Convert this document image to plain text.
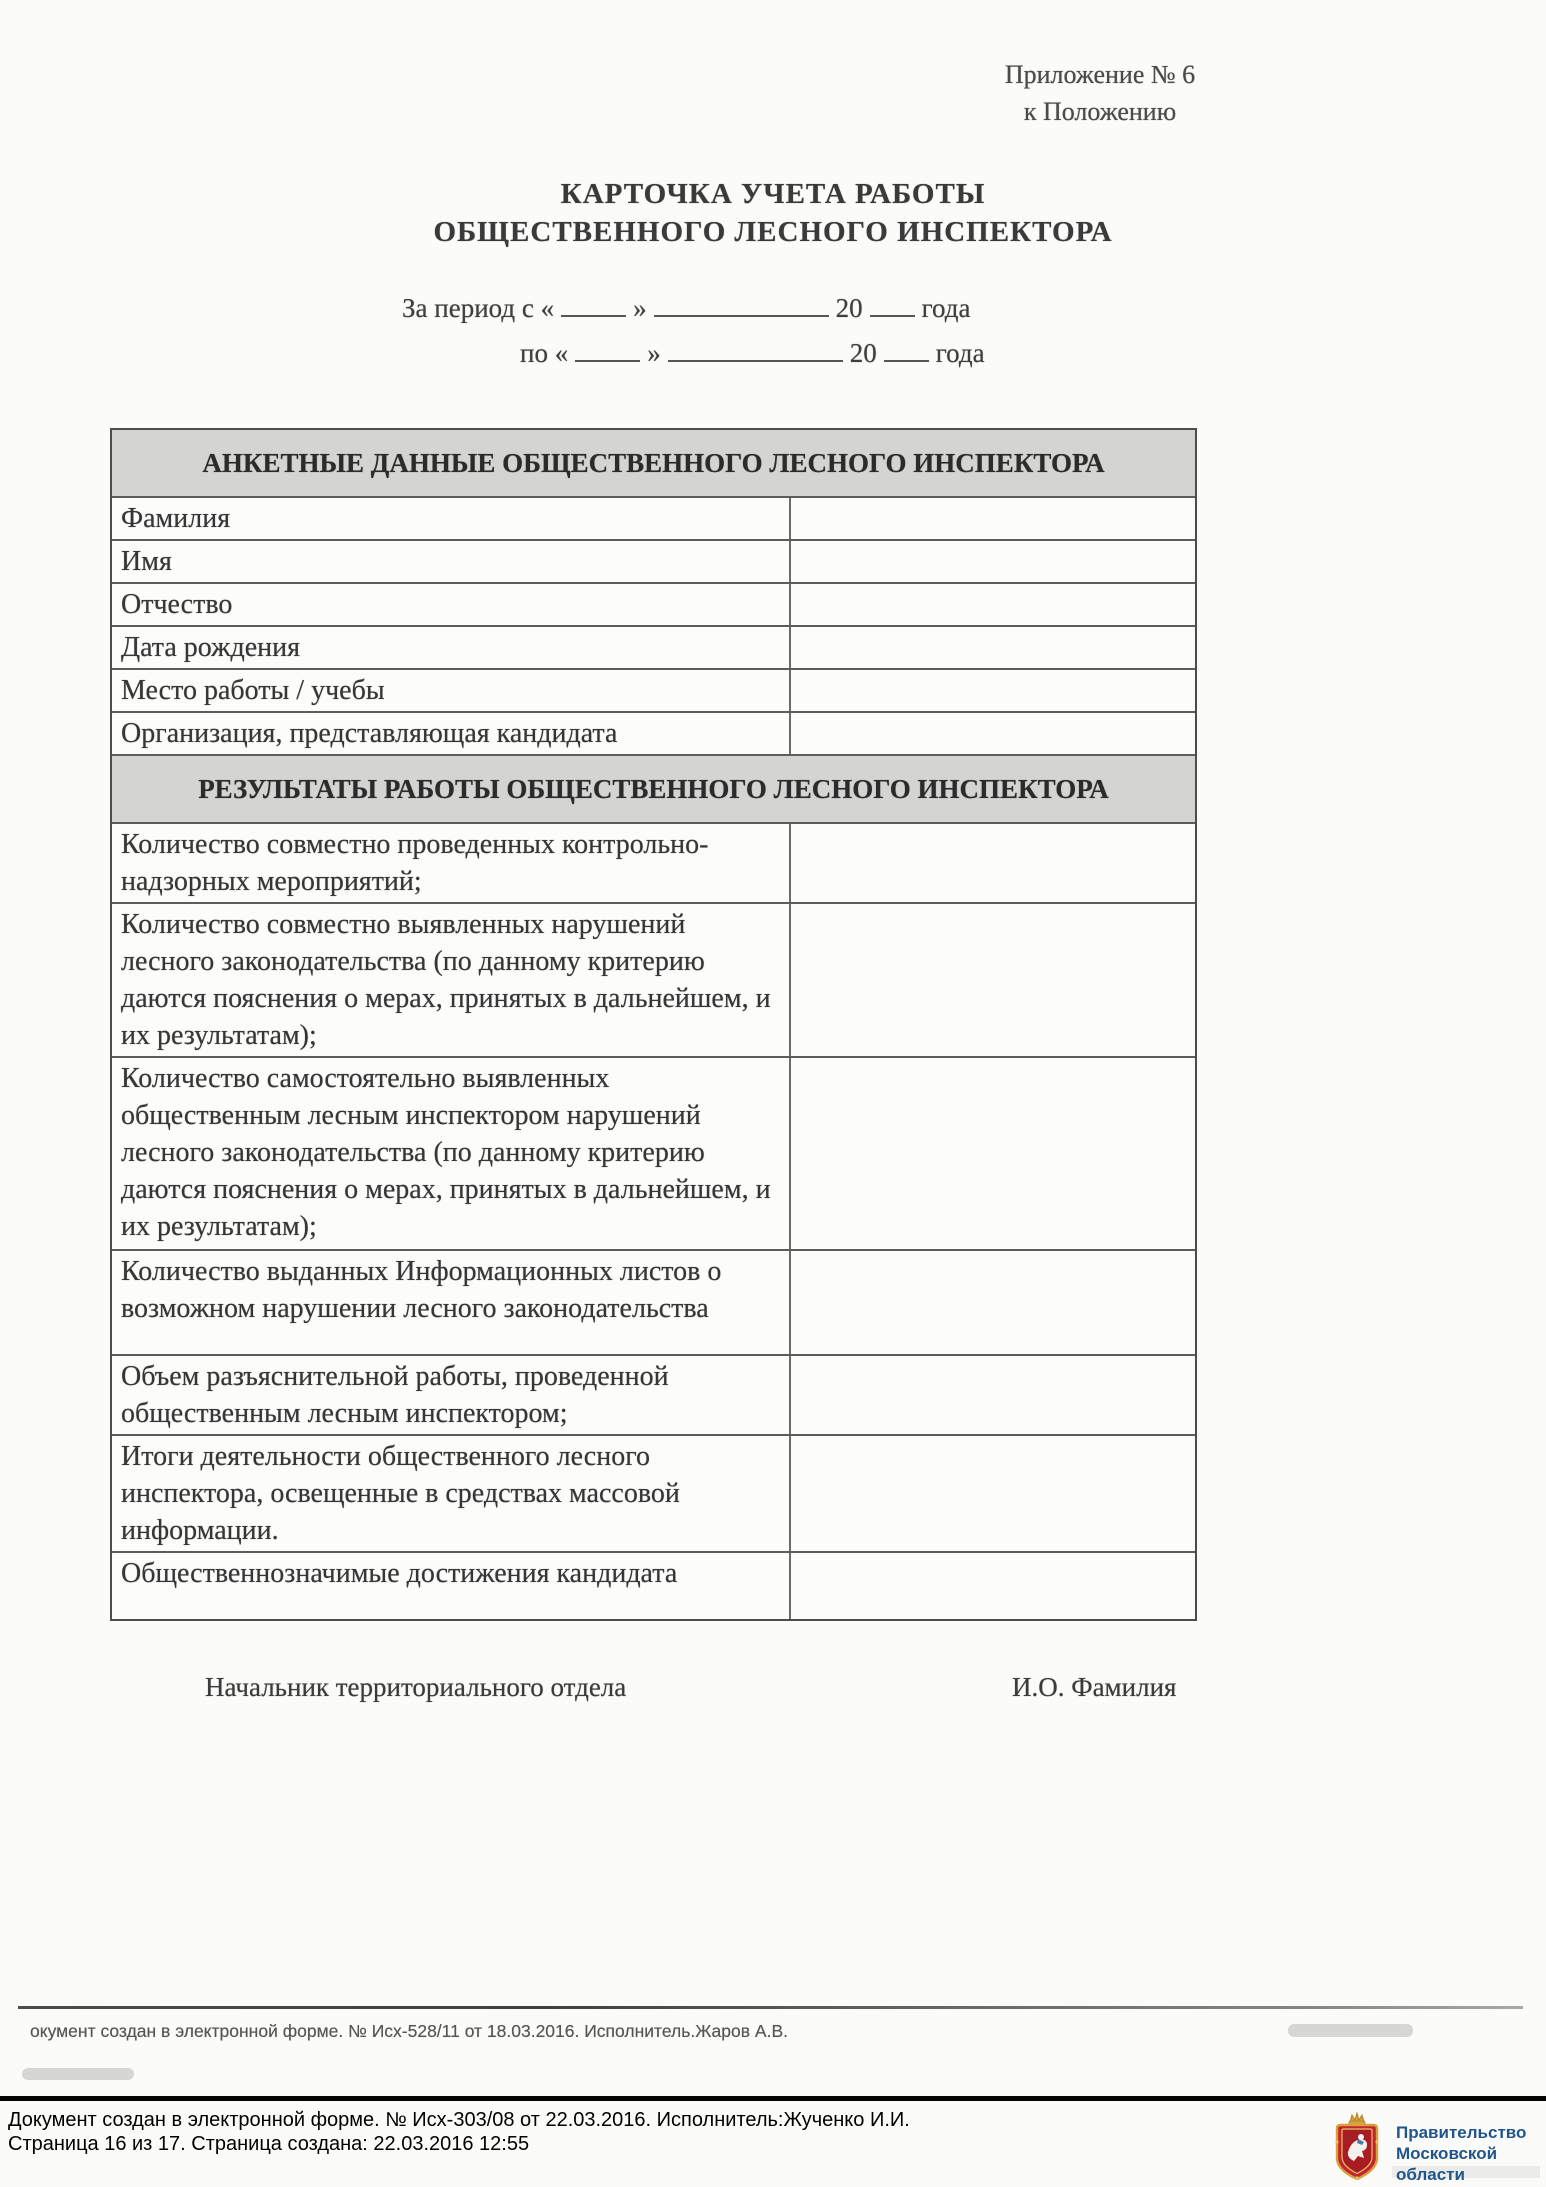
Приложение № 6
к Положению
КАРТОЧКА УЧЕТА РАБОТЫ
ОБЩЕСТВЕННОГО ЛЕСНОГО ИНСПЕКТОРА
За период с «	»	20 года
по «	»	20 года
АНКЕТНЫЕ ДАННЫЕ ОБЩЕСТВЕННОГО ЛЕСНОГО ИНСПЕКТОРА
Фамилия
Имя
Отчество
Дата рождения
Место работы / учебы
Организация, представляющая кандидата
РЕЗУЛЬТАТЫ РАБОТЫ ОБЩЕСТВЕННОГО ЛЕСНОГО ИНСПЕКТОРА
Количество совместно проведенных контрольно-надзорных мероприятий;
Количество совместно выявленных нарушений лесного законодательства (по данному критерию даются пояснения о мерах, принятых в дальнейшем, и их результатам);
Количество самостоятельно выявленных общественным лесным инспектором нарушений лесного законодательства (по данному критерию даются пояснения о мерах, принятых в дальнейшем, и их результатам);
Количество выданных Информационных листов о возможном нарушении лесного законодательства
Объем разъяснительной работы, проведенной общественным лесным инспектором;
Итоги деятельности общественного лесного инспектора, освещенные в средствах массовой информации.
Общественнозначимые достижения кандидата
Начальник территориального отдела	И.О. Фамилия
окумент создан в электронной форме. № Исх-528/11 от 18.03.2016. Исполнитель.Жаров А.В.
Документ создан в электронной форме. № Исх-303/08 от 22.03.2016. Исполнитель:Жученко И.И.
Страница 16 из 17. Страница создана: 22.03.2016 12:55
Правительство
Московской области
